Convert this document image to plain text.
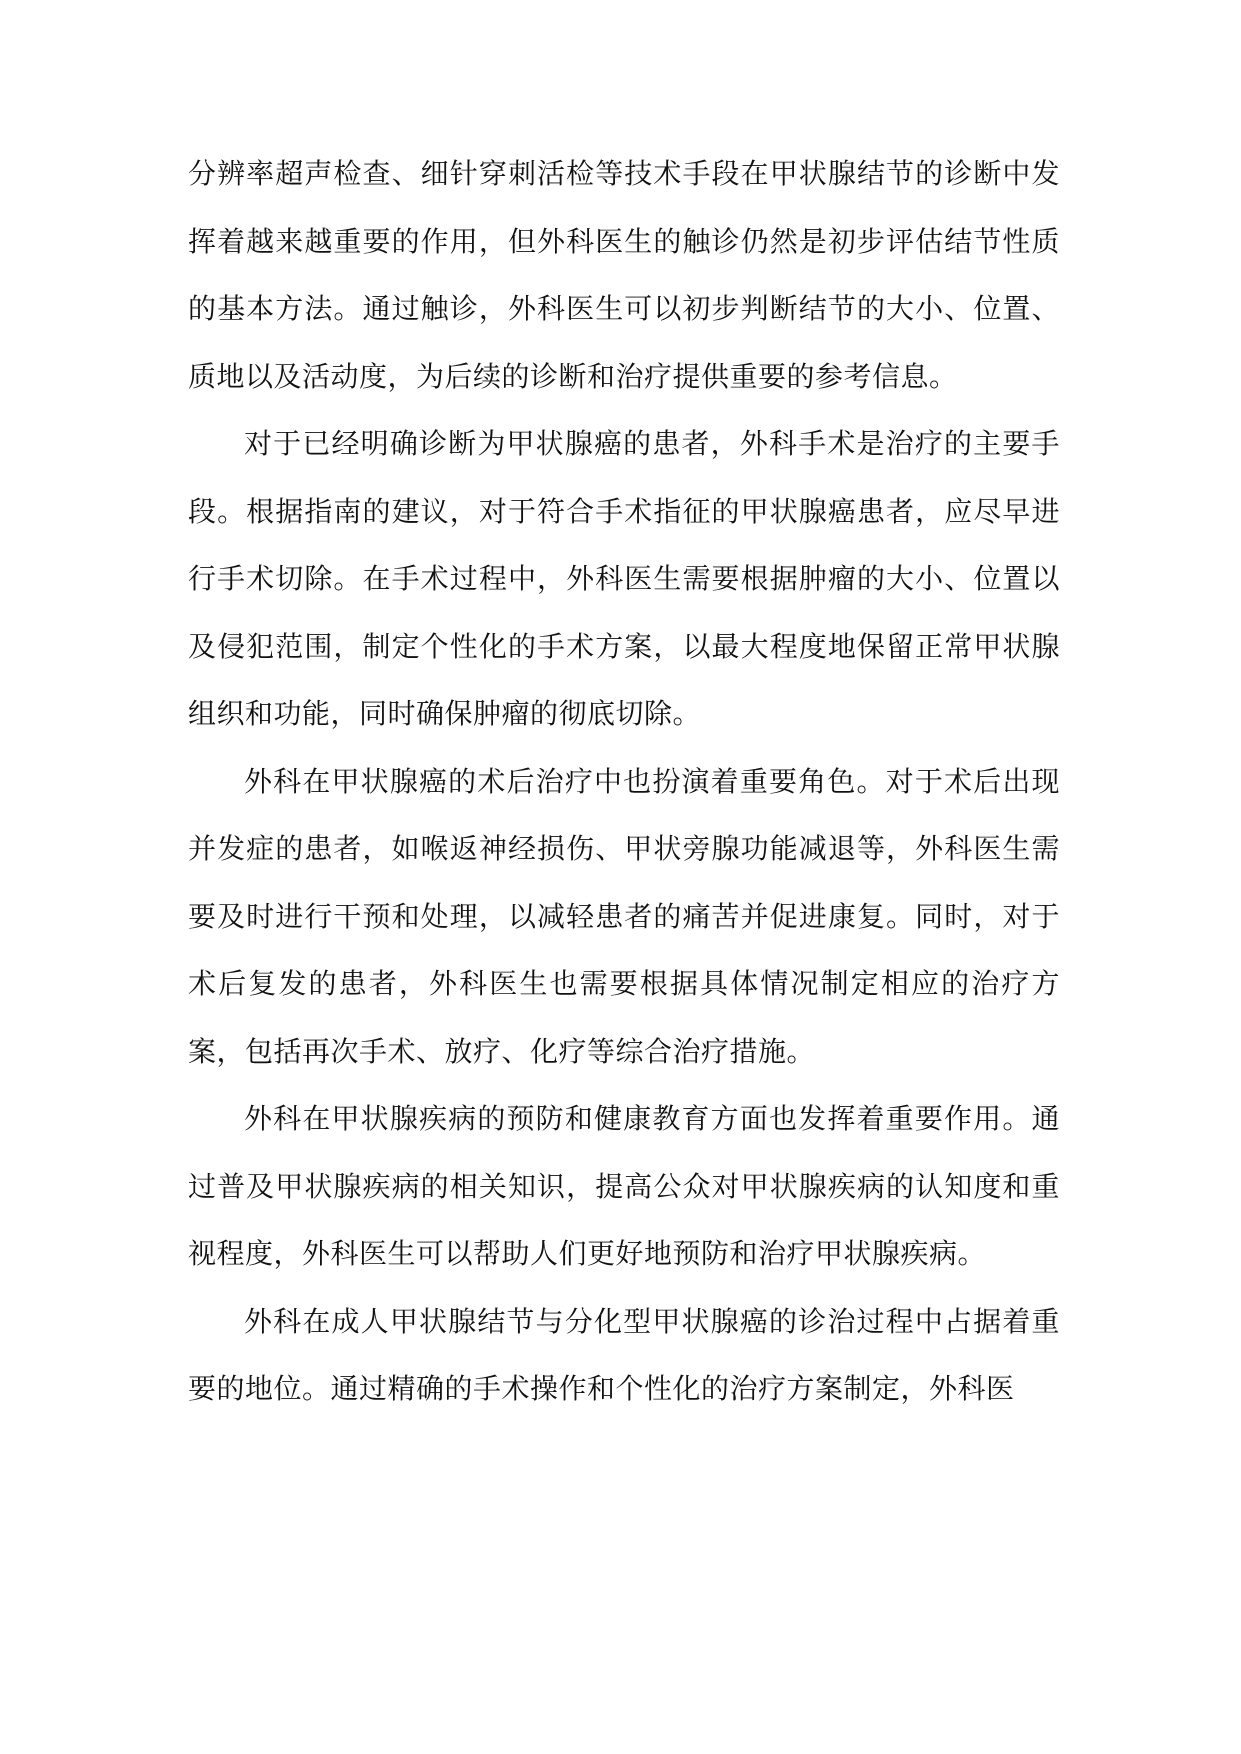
分辨率超声检查、细针穿刺活检等技术手段在甲状腺结节的诊断中发挥着越来越重要的作用，但外科医生的触诊仍然是初步评估结节性质的基本方法。通过触诊，外科医生可以初步判断结节的大小、位置、质地以及活动度，为后续的诊断和治疗提供重要的参考信息。

对于已经明确诊断为甲状腺癌的患者，外科手术是治疗的主要手段。根据指南的建议，对于符合手术指征的甲状腺癌患者，应尽早进行手术切除。在手术过程中，外科医生需要根据肿瘤的大小、位置以及侵犯范围，制定个性化的手术方案，以最大程度地保留正常甲状腺组织和功能，同时确保肿瘤的彻底切除。

外科在甲状腺癌的术后治疗中也扮演着重要角色。对于术后出现并发症的患者，如喉返神经损伤、甲状旁腺功能减退等，外科医生需要及时进行干预和处理，以减轻患者的痛苦并促进康复。同时，对于术后复发的患者，外科医生也需要根据具体情况制定相应的治疗方案，包括再次手术、放疗、化疗等综合治疗措施。

外科在甲状腺疾病的预防和健康教育方面也发挥着重要作用。通过普及甲状腺疾病的相关知识，提高公众对甲状腺疾病的认知度和重视程度，外科医生可以帮助人们更好地预防和治疗甲状腺疾病。

外科在成人甲状腺结节与分化型甲状腺癌的诊治过程中占据着重要的地位。通过精确的手术操作和个性化的治疗方案制定，外科医
